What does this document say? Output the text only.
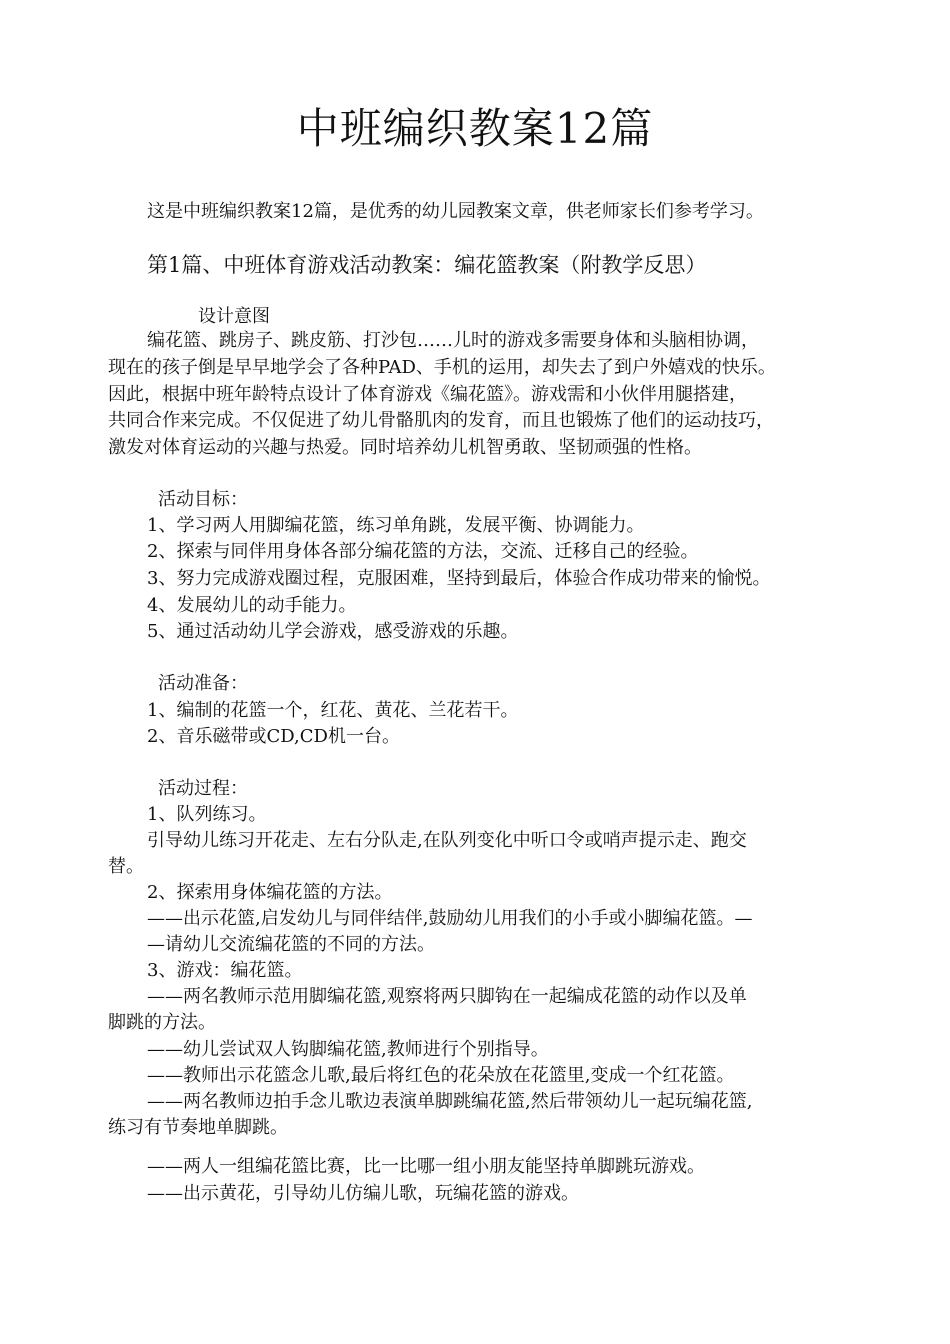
中班编织教案12篇

这是中班编织教案12篇，是优秀的幼儿园教案文章，供老师家长们参考学习。

第1篇、中班体育游戏活动教案：编花篮教案（附教学反思）

设计意图

编花篮、跳房子、跳皮筋、打沙包……儿时的游戏多需要身体和头脑相协调，

现在的孩子倒是早早地学会了各种PAD、手机的运用，却失去了到户外嬉戏的快乐。

因此，根据中班年龄特点设计了体育游戏《编花篮》。游戏需和小伙伴用腿搭建，

共同合作来完成。不仅促进了幼儿骨骼肌肉的发育，而且也锻炼了他们的运动技巧，

激发对体育运动的兴趣与热爱。同时培养幼儿机智勇敢、坚韧顽强的性格。

活动目标：

1、学习两人用脚编花篮，练习单角跳，发展平衡、协调能力。

2、探索与同伴用身体各部分编花篮的方法，交流、迁移自己的经验。

3、努力完成游戏圈过程，克服困难，坚持到最后，体验合作成功带来的愉悦。

4、发展幼儿的动手能力。

5、通过活动幼儿学会游戏，感受游戏的乐趣。

活动准备：

1、编制的花篮一个，红花、黄花、兰花若干。

2、音乐磁带或CD,CD机一台。

活动过程：

1、队列练习。

引导幼儿练习开花走、左右分队走,在队列变化中听口令或哨声提示走、跑交

替。

2、探索用身体编花篮的方法。

——出示花篮,启发幼儿与同伴结伴,鼓励幼儿用我们的小手或小脚编花篮。—

—请幼儿交流编花篮的不同的方法。

3、游戏：编花篮。

——两名教师示范用脚编花篮,观察将两只脚钩在一起编成花篮的动作以及单

脚跳的方法。

——幼儿尝试双人钩脚编花篮,教师进行个别指导。

——教师出示花篮念儿歌,最后将红色的花朵放在花篮里,变成一个红花篮。

——两名教师边拍手念儿歌边表演单脚跳编花篮,然后带领幼儿一起玩编花篮,

练习有节奏地单脚跳。

——两人一组编花篮比赛，比一比哪一组小朋友能坚持单脚跳玩游戏。

——出示黄花，引导幼儿仿编儿歌，玩编花篮的游戏。
